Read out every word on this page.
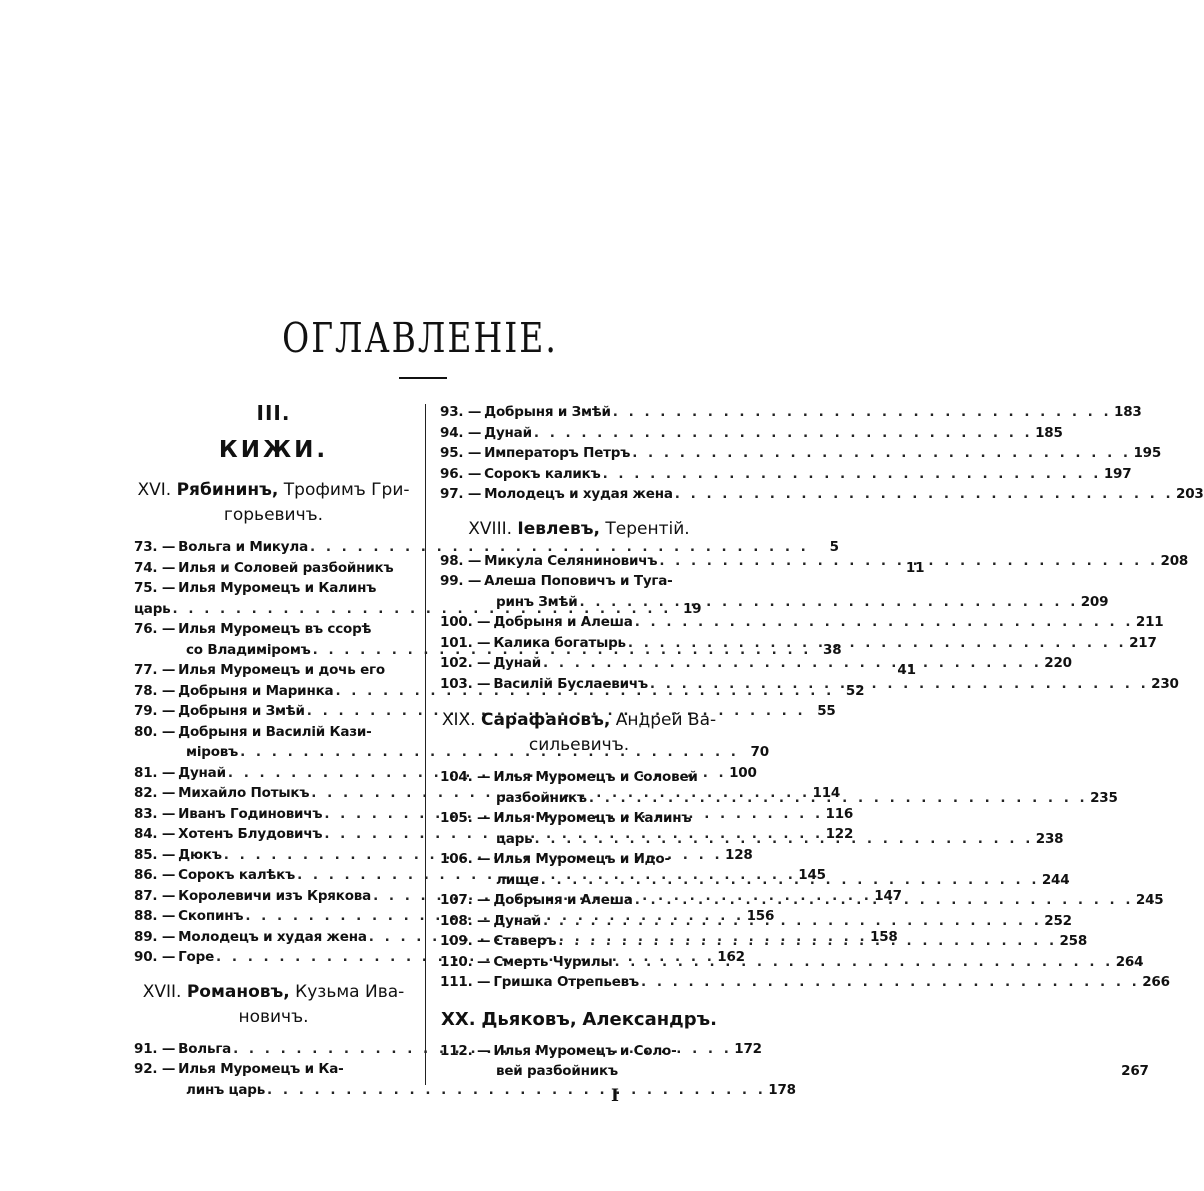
ОГЛАВЛЕНІЕ.
III.
КИЖИ.
XVI. Рябининъ, Трофимъ Гри-
горьевичъ.
73. — Вольга и Микула . . .	5
74. — Илья и Соловей разбойникъ	11
75. — Илья Муромецъ и Калинъ
царь . . .	19
76. — Илья Муромецъ въ ссорѣ
со Владиміромъ . . .	38
77. — Илья Муромецъ и дочь его	41
78. — Добрыня и Маринка . . .	52
79. — Добрыня и Змѣй . . .	55
80. — Добрыня и Василій Кази-
міровъ . . .	70
81. — Дунай . . .	100
82. — Михайло Потыкъ . . .	114
83. — Иванъ Годиновичъ . . .	116
84. — Хотенъ Блудовичъ . . .	122
85. — Дюкъ . . .	128
86. — Сорокъ калѣкъ . . .	145
87. — Королевичи изъ Крякова . . .	147
88. — Скопинъ . . .	156
89. — Молодецъ и худая жена . . .	158
90. — Горе . . .	162
XVII. Романовъ, Кузьма Ива-
новичъ.
91. — Вольга . . .	172
92. — Илья Муромецъ и Ка-
линъ царь . . .	178
93. — Добрыня и Змѣй . . .	183
94. — Дунай . . .	185
95. — Императоръ Петръ . . .	195
96. — Сорокъ каликъ . . .	197
97. — Молодецъ и худая жена . . .	203
XVIII. Іевлевъ, Терентій.
98. — Микула Селяниновичъ . . .	208
99. — Алеша Поповичъ и Туга-
ринъ Змѣй . . .	209
100. — Добрыня и Алеша . . .	211
101. — Калика богатырь . . .	217
102. — Дунай . . .	220
103. — Василій Буслаевичъ . . .	230
XIX. Сарафановъ, Андрей Ва-
сильевичъ.
104. — Илья Муромецъ и Соловей
разбойникъ . . .	235
105. — Илья Муромецъ и Калинъ
царь . . .	238
106. — Илья Муромецъ и Идо-
лище . . .	244
107. — Добрыня и Алеша . . .	245
108. — Дунай . . .	252
109. — Ставеръ . . .	258
110. — Смерть Чурилы . . .	264
111. — Гришка Отрепьевъ . . .	266
XX. Дьяковъ, Александръ.
112. — Илья Муромецъ и Соло-
вей разбойникъ	267
I
